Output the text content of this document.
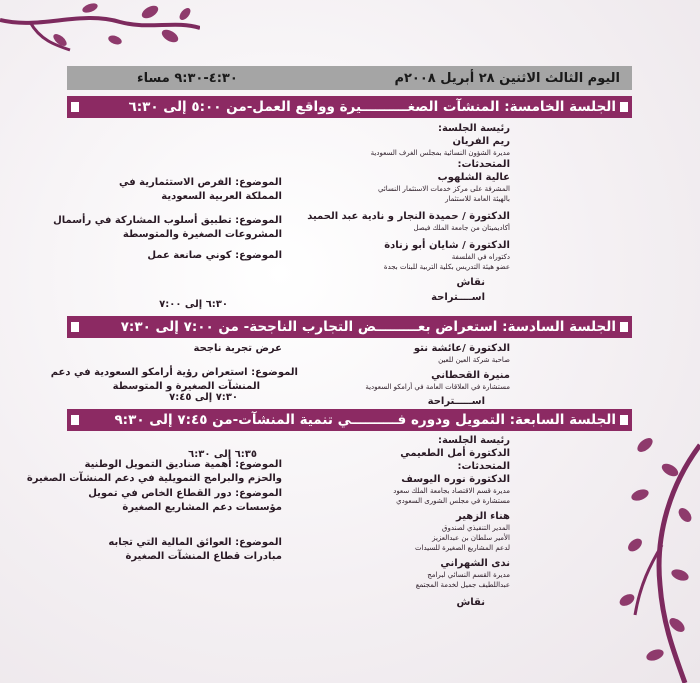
اليوم الثالث الاثنين ٢٨ أبريل ٢٠٠٨م
٤:٣٠-٩:٣٠ مساء
الجلسة الخامسة: المنشآت الصغــــــــــيرة وواقع العمل-من ٥:٠٠ إلى ٦:٣٠
رئيسة الجلسة:
ريم الفريان
مديرة الشؤون النسائية بمجلس الغرف السعودية
المتحدثات:
عالية الشلهوب
المشرفة على مركز خدمات الاستثمار النسائي
بالهيئة العامة للاستثمار
الدكتورة / حميدة النجار و نادية عبد الحميد
أكاديميتان من جامعة الملك فيصل
الدكتورة / شايان أبو زنادة
دكتوراه في الفلسفة
عضو هيئة التدريس بكلية التربية للبنات بجدة
نقاش
اســــتراحة
الموضوع: الفرص الاستثمارية في
المملكة العربية السعودية
الموضوع: تطبيق أسلوب المشاركة في رأسمال
المشروعات الصغيرة والمتوسطة
الموضوع: كوني صانعة عمل
٦:٣٠ إلى ٧:٠٠
الجلسة السادسة: استعراض بعـــــــــض التجارب الناجحة- من ٧:٠٠ إلى ٧:٣٠
الدكتورة /عائشة نتو
صاحبة شركة العين للعين
منيرة القحطاني
مستشارة في العلاقات العامة في أرامكو السعودية
اســـــتراحة
عرض تجربة ناجحة
الموضوع: استعراض رؤية أرامكو السعودية في دعم
المنشآت الصغيرة و المتوسطة
٧:٣٠ إلى ٧:٤٥
الجلسة السابعة: التمويل ودوره فــــــــــي تنمية المنشآت-من ٧:٤٥ إلى ٩:٣٠
رئيسة الجلسة:
الدكتورة أمل الطعيمي
المتحدثات:
الدكتورة نوره اليوسف
مديرة قسم الاقتصاد بجامعة الملك سعود
مستشارة في مجلس الشورى السعودي
هناء الزهير
المدير التنفيذي لصندوق
الأمير سلطان بن عبدالعزيز
لدعم المشاريع الصغيرة للسيدات
ندى الشهراني
مديرة القسم النسائي لبرامج
عبداللطيف جميل لخدمة المجتمع
نقاش
٦:٣٥ إلى ٦:٣٠
الموضوع: أهمية صناديق التمويل الوطنية
والحزم والبرامج التمويلية في دعم المنشآت الصغيرة
الموضوع: دور القطاع الخاص في تمويل
مؤسسات دعم المشاريع الصغيرة
الموضوع: العوائق المالية التي تجابه
مبادرات قطاع المنشآت الصغيرة
